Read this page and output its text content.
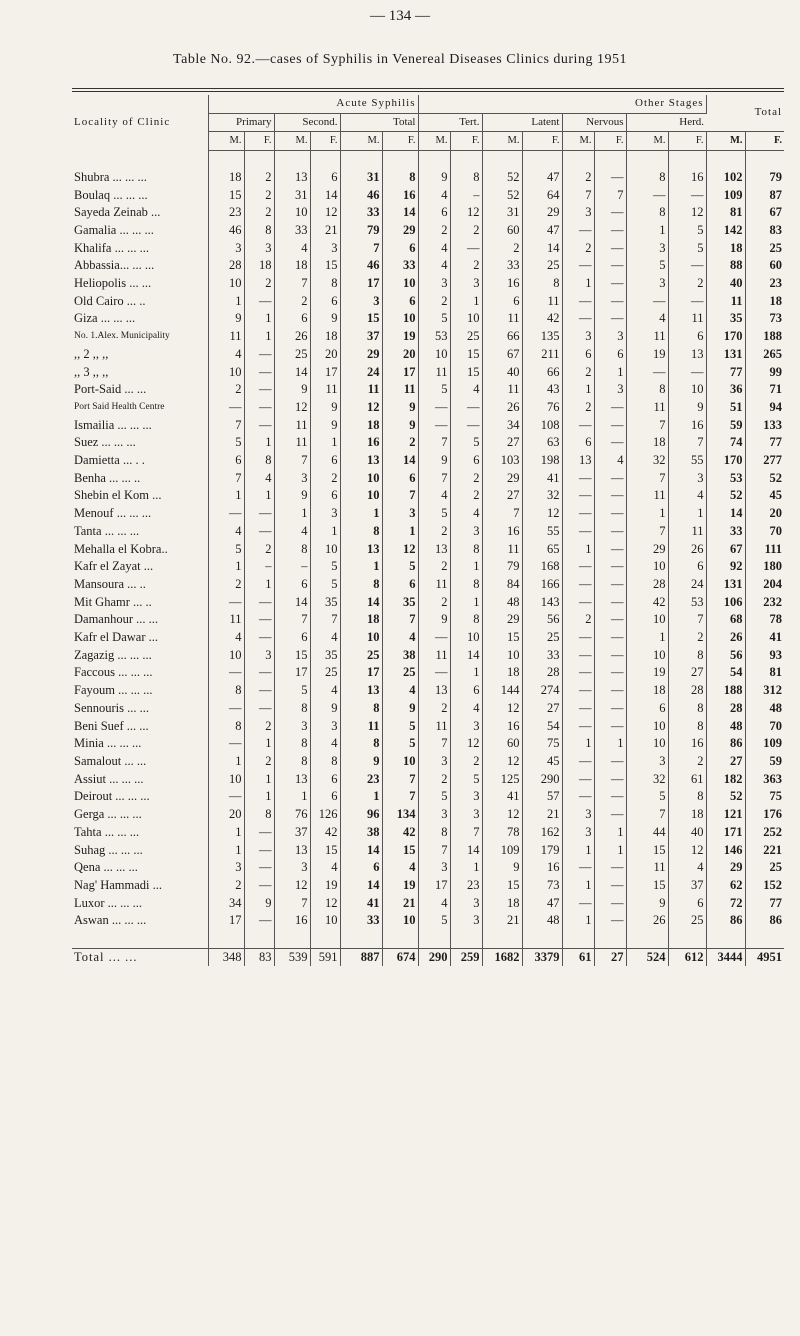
— 134 —
Table No. 92.—cases of Syphilis in Venereal Diseases Clinics during 1951
Locality of Clinic	Acute Syphilis						Other Stages								Total	
	Primary		Second.		Total		Tert.		Latent		Nervous		Herd.			
	M.	F.	M.	F.	M.	F.	M.	F.	M.	F.	M.	F.	M.	F.	M.	F.

Shubra ... ... ...	18	2	13	6	31	8	9	8	52	47	2	—	8	16	102	79
Boulaq ... ... ...	15	2	31	14	46	16	4	–	52	64	7	7	—	—	109	87
Sayeda Zeinab ...	23	2	10	12	33	14	6	12	31	29	3	—	8	12	81	67
Gamalia ... ... ...	46	8	33	21	79	29	2	2	60	47	—	—	1	5	142	83
Khalifa ... ... ...	3	3	4	3	7	6	4	—	2	14	2	—	3	5	18	25
Abbassia... ... ...	28	18	18	15	46	33	4	2	33	25	—	—	5	—	88	60
Heliopolis ... ...	10	2	7	8	17	10	3	3	16	8	1	—	3	2	40	23
Old Cairo ... ..	1	—	2	6	3	6	2	1	6	11	—	—	—	—	11	18
Giza ... ... ...	9	1	6	9	15	10	5	10	11	42	—	—	4	11	35	73
No. 1.Alex. Municipality	11	1	26	18	37	19	53	25	66	135	3	3	11	6	170	188
,, 2 ,, ,,	4	—	25	20	29	20	10	15	67	211	6	6	19	13	131	265
,, 3 ,, ,,	10	—	14	17	24	17	11	15	40	66	2	1	—	—	77	99
Port-Said ... ...	2	—	9	11	11	11	5	4	11	43	1	3	8	10	36	71
Port Said Health Centre	—	—	12	9	12	9	—	—	26	76	2	—	11	9	51	94
Ismailia ... ... ...	7	—	11	9	18	9	—	—	34	108	—	—	7	16	59	133
Suez ... ... ...	5	1	11	1	16	2	7	5	27	63	6	—	18	7	74	77
Damietta ... . .	6	8	7	6	13	14	9	6	103	198	13	4	32	55	170	277
Benha ... ... ..	7	4	3	2	10	6	7	2	29	41	—	—	7	3	53	52
Shebin el Kom ...	1	1	9	6	10	7	4	2	27	32	—	—	11	4	52	45
Menouf ... ... ...	—	—	1	3	1	3	5	4	7	12	—	—	1	1	14	20
Tanta ... ... ...	4	—	4	1	8	1	2	3	16	55	—	—	7	11	33	70
Mehalla el Kobra..	5	2	8	10	13	12	13	8	11	65	1	—	29	26	67	111
Kafr el Zayat ...	1	–	–	5	1	5	2	1	79	168	—	—	10	6	92	180
Mansoura ... ..	2	1	6	5	8	6	11	8	84	166	—	—	28	24	131	204
Mit Ghamr ... ..	—	—	14	35	14	35	2	1	48	143	—	—	42	53	106	232
Damanhour ... ...	11	—	7	7	18	7	9	8	29	56	2	—	10	7	68	78
Kafr el Dawar ...	4	—	6	4	10	4	—	10	15	25	—	—	1	2	26	41
Zagazig ... ... ...	10	3	15	35	25	38	11	14	10	33	—	—	10	8	56	93
Faccous ... ... ...	—	—	17	25	17	25	—	1	18	28	—	—	19	27	54	81
Fayoum ... ... ...	8	—	5	4	13	4	13	6	144	274	—	—	18	28	188	312
Sennouris ... ...	—	—	8	9	8	9	2	4	12	27	—	—	6	8	28	48
Beni Suef ... ...	8	2	3	3	11	5	11	3	16	54	—	—	10	8	48	70
Minia ... ... ...	—	1	8	4	8	5	7	12	60	75	1	1	10	16	86	109
Samalout ... ...	1	2	8	8	9	10	3	2	12	45	—	—	3	2	27	59
Assiut ... ... ...	10	1	13	6	23	7	2	5	125	290	—	—	32	61	182	363
Deirout ... ... ...	—	1	1	6	1	7	5	3	41	57	—	—	5	8	52	75
Gerga ... ... ...	20	8	76	126	96	134	3	3	12	21	3	—	7	18	121	176
Tahta ... ... ...	1	—	37	42	38	42	8	7	78	162	3	1	44	40	171	252
Suhag ... ... ...	1	—	13	15	14	15	7	14	109	179	1	1	15	12	146	221
Qena ... ... ...	3	—	3	4	6	4	3	1	9	16	—	—	11	4	29	25
Nag' Hammadi ...	2	—	12	19	14	19	17	23	15	73	1	—	15	37	62	152
Luxor ... ... ...	34	9	7	12	41	21	4	3	18	47	—	—	9	6	72	77
Aswan ... ... ...	17	—	16	10	33	10	5	3	21	48	1	—	26	25	86	86

Total ... ...	348	83	539	591	887	674	290	259	1682	3379	61	27	524	612	3444	4951
